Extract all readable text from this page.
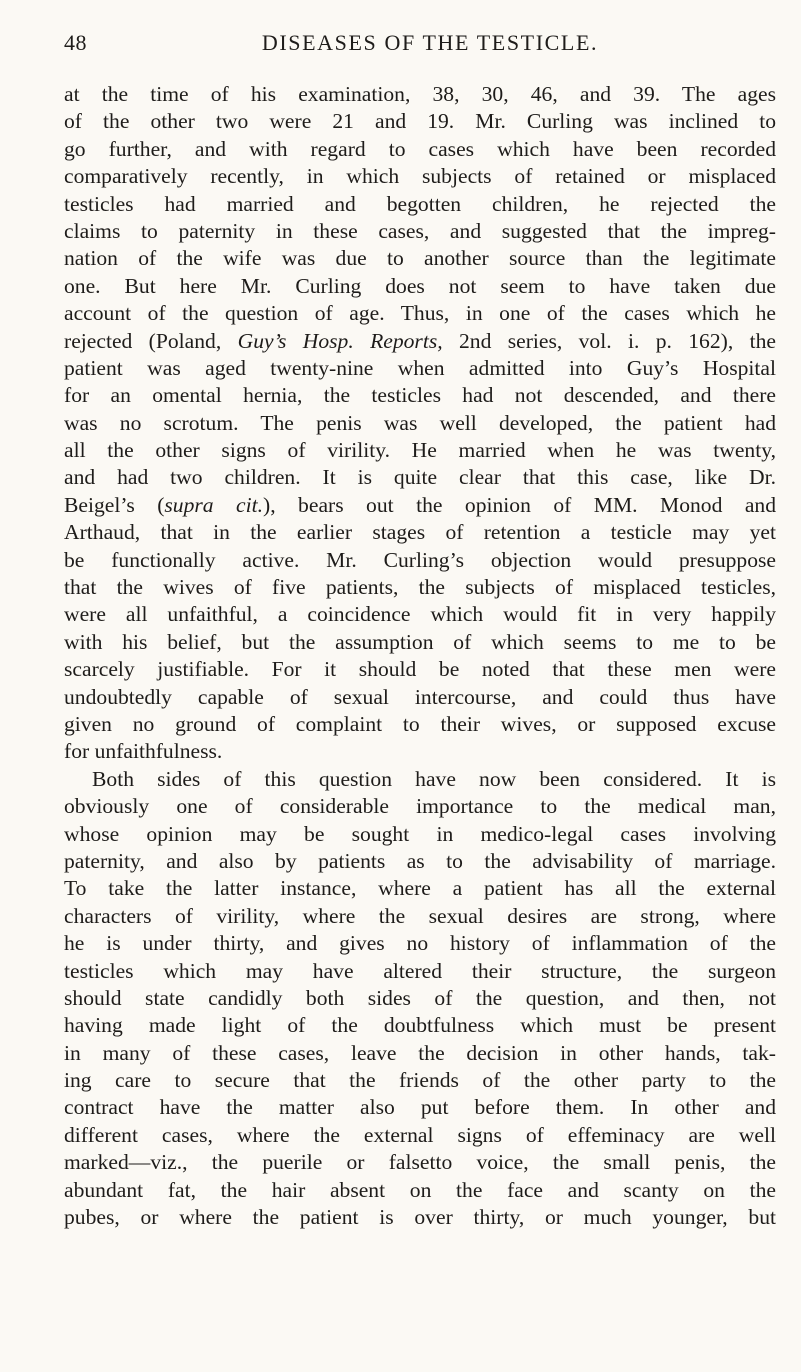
48	DISEASES OF THE TESTICLE.
at the time of his examination, 38, 30, 46, and 39. The ages
of the other two were 21 and 19. Mr. Curling was inclined to
go further, and with regard to cases which have been recorded
comparatively recently, in which subjects of retained or misplaced
testicles had married and begotten children, he rejected the
claims to paternity in these cases, and suggested that the impreg-
nation of the wife was due to another source than the legitimate
one. But here Mr. Curling does not seem to have taken due
account of the question of age. Thus, in one of the cases which he
rejected (Poland, Guy’s Hosp. Reports, 2nd series, vol. i. p. 162), the
patient was aged twenty-nine when admitted into Guy’s Hospital
for an omental hernia, the testicles had not descended, and there
was no scrotum. The penis was well developed, the patient had
all the other signs of virility. He married when he was twenty,
and had two children. It is quite clear that this case, like Dr.
Beigel’s (supra cit.), bears out the opinion of MM. Monod and
Arthaud, that in the earlier stages of retention a testicle may yet
be functionally active. Mr. Curling’s objection would presuppose
that the wives of five patients, the subjects of misplaced testicles,
were all unfaithful, a coincidence which would fit in very happily
with his belief, but the assumption of which seems to me to be
scarcely justifiable. For it should be noted that these men were
undoubtedly capable of sexual intercourse, and could thus have
given no ground of complaint to their wives, or supposed excuse
for unfaithfulness.
Both sides of this question have now been considered. It is
obviously one of considerable importance to the medical man,
whose opinion may be sought in medico-legal cases involving
paternity, and also by patients as to the advisability of marriage.
To take the latter instance, where a patient has all the external
characters of virility, where the sexual desires are strong, where
he is under thirty, and gives no history of inflammation of the
testicles which may have altered their structure, the surgeon
should state candidly both sides of the question, and then, not
having made light of the doubtfulness which must be present
in many of these cases, leave the decision in other hands, tak-
ing care to secure that the friends of the other party to the
contract have the matter also put before them. In other and
different cases, where the external signs of effeminacy are well
marked—viz., the puerile or falsetto voice, the small penis, the
abundant fat, the hair absent on the face and scanty on the
pubes, or where the patient is over thirty, or much younger, but
